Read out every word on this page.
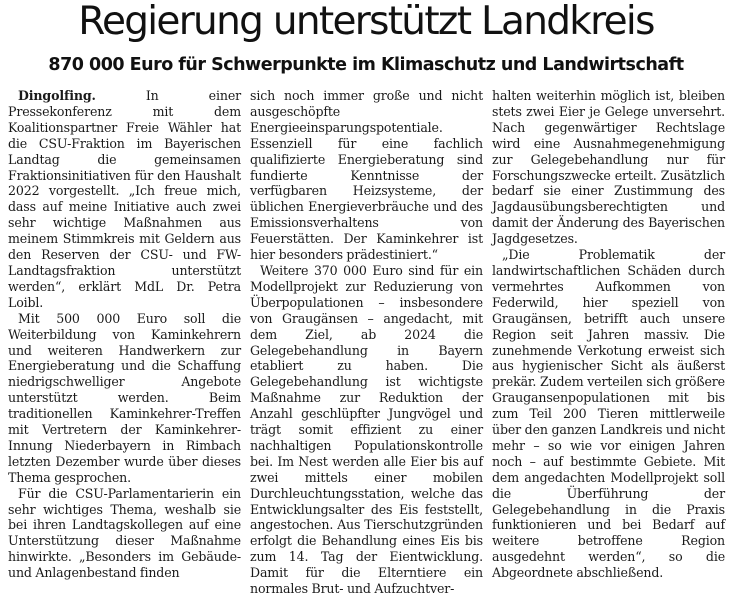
Regierung unterstützt Landkreis
870 000 Euro für Schwerpunkte im Klimaschutz und Landwirtschaft

Dingolfing.	In einer Pressekonferenz mit dem Koalitionspartner Freie Wähler hat die CSU-Fraktion im Bayerischen Landtag die gemeinsamen Fraktionsinitiativen für den Haushalt 2022 vorgestellt. „Ich freue mich, dass auf meine Initiative auch zwei sehr wichtige Maßnahmen aus meinem Stimmkreis mit Geldern aus den Reserven der CSU- und FW-Landtagsfraktion unterstützt werden“, erklärt MdL Dr. Petra Loibl.

Mit 500 000 Euro soll die Weiterbildung von Kaminkehrern und weiteren Handwerkern zur Energieberatung und die Schaffung niedrigschwelliger Angebote unterstützt werden. Beim traditionellen Kaminkehrer-Treffen mit Vertretern der Kaminkehrer-Innung Niederbayern in Rimbach letzten Dezember wurde über dieses Thema gesprochen.

Für die CSU-Parlamentarierin ein sehr wichtiges Thema, weshalb sie bei ihren Landtagskollegen auf eine Unterstützung dieser Maßnahme hinwirkte. „Besonders im Gebäude- und Anlagenbestand finden

sich noch immer große und nicht ausgeschöpfte Energieeinsparungspotentiale. Essenziell für eine fachlich qualifizierte Energieberatung sind fundierte Kenntnisse der verfügbaren Heizsysteme, der üblichen Energieverbräuche und des Emissionsverhaltens von Feuerstätten. Der Kaminkehrer ist hier besonders prädestiniert.“

Weitere 370 000 Euro sind für ein Modellprojekt zur Reduzierung von Überpopulationen – insbesondere von Graugänsen – angedacht, mit dem Ziel, ab 2024 die Gelegebehandlung in Bayern etabliert zu haben. Die Gelegebehandlung ist wichtigste Maßnahme zur Reduktion der Anzahl geschlüpfter Jungvögel und trägt somit effizient zu einer nachhaltigen Populationskontrolle bei. Im Nest werden alle Eier bis auf zwei mittels einer mobilen Durchleuchtungsstation, welche das Entwicklungsalter des Eis feststellt, angestochen. Aus Tierschutzgründen erfolgt die Behandlung eines Eis bis zum 14. Tag der Eientwicklung. Damit für die Elterntiere ein normales Brut- und Aufzuchtver-

halten weiterhin möglich ist, bleiben stets zwei Eier je Gelege unversehrt. Nach gegenwärtiger Rechtslage wird eine Ausnahmegenehmigung zur Gelegebehandlung nur für Forschungszwecke erteilt. Zusätzlich bedarf sie einer Zustimmung des Jagdausübungsberechtigten und damit der Änderung des Bayerischen Jagdgesetzes.

„Die Problematik der landwirtschaftlichen Schäden durch vermehrtes Aufkommen von Federwild, hier speziell von Graugänsen, betrifft auch unsere Region seit Jahren massiv. Die zunehmende Verkotung erweist sich aus hygienischer Sicht als äußerst prekär. Zudem verteilen sich größere Graugansenpopulationen mit bis zum Teil 200 Tieren mittlerweile über den ganzen Landkreis und nicht mehr – so wie vor einigen Jahren noch – auf bestimmte Gebiete. Mit dem angedachten Modellprojekt soll die Überführung der Gelegebehandlung in die Praxis funktionieren und bei Bedarf auf weitere betroffene Region ausgedehnt werden“, so die Abgeordnete abschließend.
